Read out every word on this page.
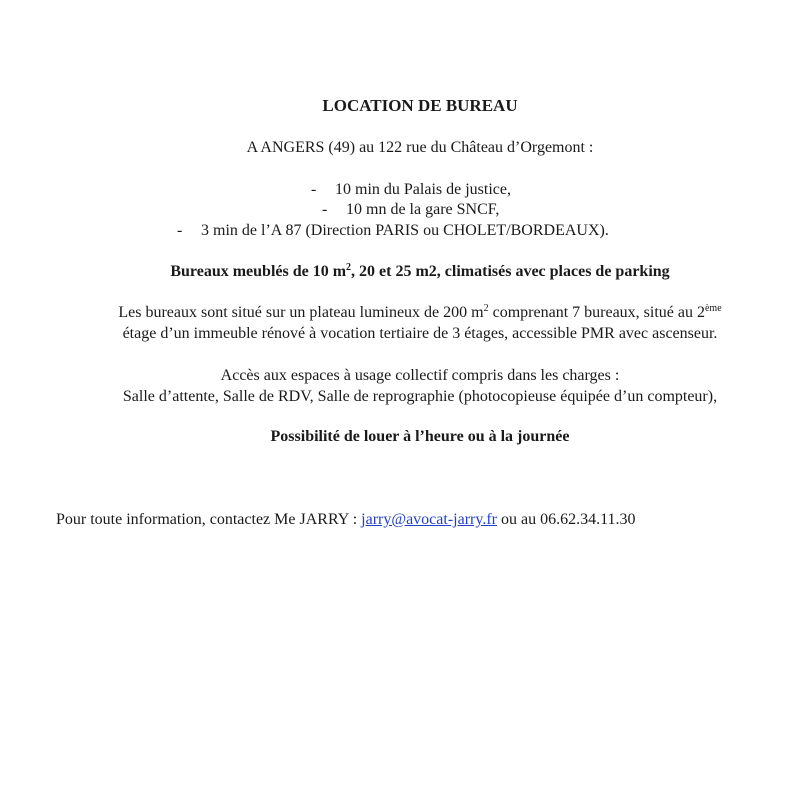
LOCATION DE BUREAU
A ANGERS (49) au 122 rue du Château d’Orgemont :
- 10 min du Palais de justice,
- 10 mn de la gare SNCF,
- 3 min de l’A 87 (Direction PARIS ou CHOLET/BORDEAUX).
Bureaux meublés de 10 $m^2$, 20 et 25 m2, climatisés avec places de parking
Les bureaux sont situé sur un plateau lumineux de 200 $m^2$ comprenant 7 bureaux, situé au 2ème
étage d’un immeuble rénové à vocation tertiaire de 3 étages, accessible PMR avec ascenseur.
Accès aux espaces à usage collectif compris dans les charges :
Salle d’attente, Salle de RDV, Salle de reprographie (photocopieuse équipée d’un compteur),
Possibilité de louer à l’heure ou à la journée
Pour toute information, contactez Me JARRY : jarry@avocat-jarry.fr ou au 06.62.34.11.30
